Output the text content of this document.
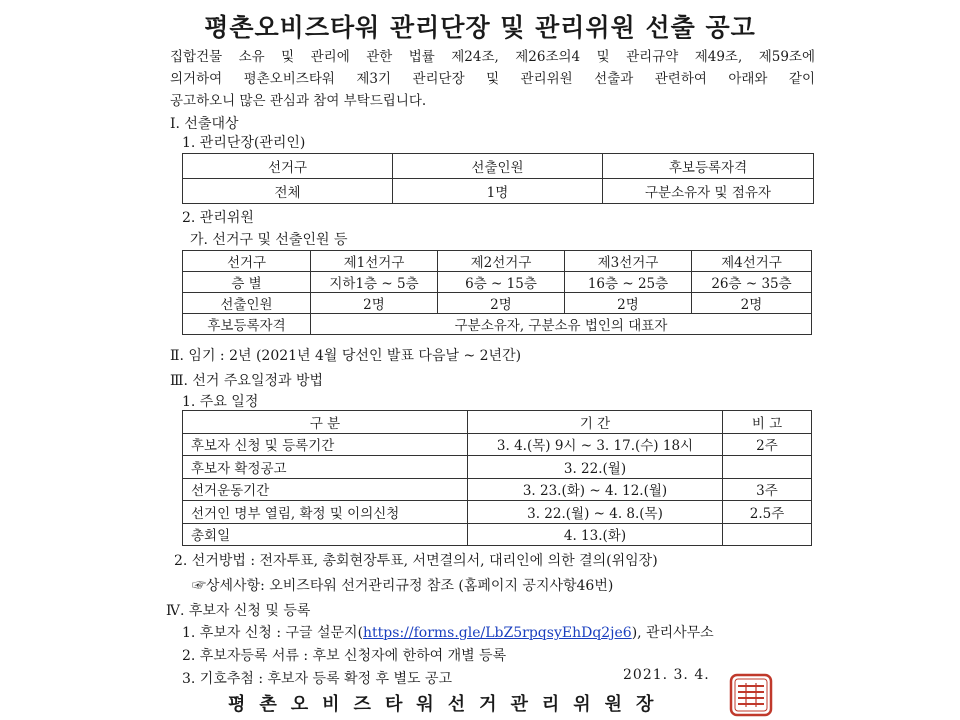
평촌오비즈타워 관리단장 및 관리위원 선출 공고
집합건물 소유 및 관리에 관한 법률 제24조, 제26조의4 및 관리규약 제49조, 제59조에
의거하여 평촌오비즈타워 제3기 관리단장 및 관리위원 선출과 관련하여 아래와 같이
공고하오니 많은 관심과 참여 부탁드립니다.
Ⅰ. 선출대상
1. 관리단장(관리인)
선거구	선출인원	후보등록자격
전체	1명	구분소유자 및 점유자
2. 관리위원
가. 선거구 및 선출인원 등
선거구	제1선거구	제2선거구	제3선거구	제4선거구
층 별	지하1층 ~ 5층	6층 ~ 15층	16층 ~ 25층	26층 ~ 35층
선출인원	2명	2명	2명	2명
후보등록자격	구분소유자, 구분소유 법인의 대표자			
Ⅱ. 임기 : 2년 (2021년 4월 당선인 발표 다음날 ~ 2년간)
Ⅲ. 선거 주요일정과 방법
1. 주요 일정
구 분	기 간	비 고
후보자 신청 및 등록기간	3. 4.(목) 9시 ~ 3. 17.(수) 18시	2주
후보자 확정공고	3. 22.(월)	
선거운동기간	3. 23.(화) ~ 4. 12.(월)	3주
선거인 명부 열림, 확정 및 이의신청	3. 22.(월) ~ 4. 8.(목)	2.5주
총회일	4. 13.(화)	
2. 선거방법 : 전자투표, 총회현장투표, 서면결의서, 대리인에 의한 결의(위임장)
☞상세사항: 오비즈타워 선거관리규정 참조 (홈페이지 공지사항46번)
Ⅳ. 후보자 신청 및 등록
1. 후보자 신청 : 구글 설문지(https://forms.gle/LbZ5rpqsyEhDq2je6), 관리사무소
2. 후보자등록 서류 : 후보 신청자에 한하여 개별 등록
3. 기호추첨 : 후보자 등록 확정 후 별도 공고	2021. 3. 4.
평촌오비즈타워선거관리위원장
